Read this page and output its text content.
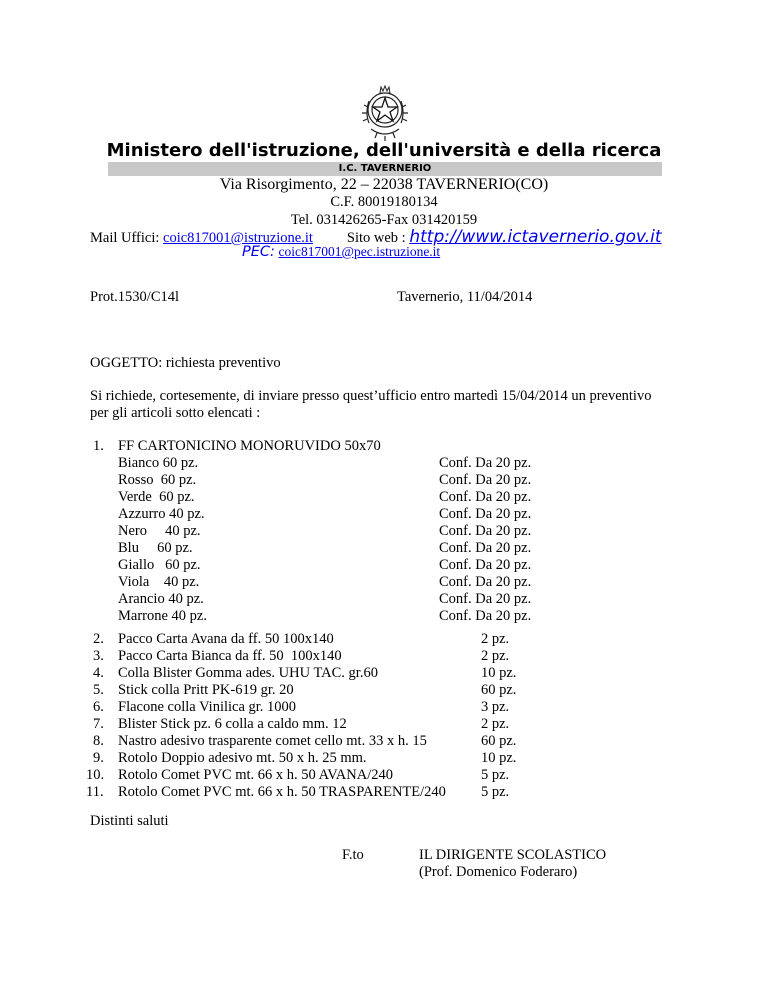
Ministero dell'istruzione, dell'università e della ricerca
I.C. TAVERNERIO
Via Risorgimento, 22 – 22038 TAVERNERIO(CO)
C.F. 80019180134
Tel. 031426265-Fax 031420159
Mail Uffici: coic817001@istruzione.it Sito web : http://www.ictavernerio.gov.it
PEC: coic817001@pec.istruzione.it
Prot.1530/C14l	Tavernerio, 11/04/2014
OGGETTO: richiesta preventivo
Si richiede, cortesemente, di inviare presso quest’ufficio entro martedì 15/04/2014 un preventivo
per gli articoli sotto elencati :
1. FF CARTONICINO MONORUVIDO 50x70
Bianco 60 pz.	Conf. Da 20 pz.
Rosso  60 pz.	Conf. Da 20 pz.
Verde  60 pz.	Conf. Da 20 pz.
Azzurro 40 pz.	Conf. Da 20 pz.
Nero     40 pz.	Conf. Da 20 pz.
Blu     60 pz.	Conf. Da 20 pz.
Giallo   60 pz.	Conf. Da 20 pz.
Viola    40 pz.	Conf. Da 20 pz.
Arancio 40 pz.	Conf. Da 20 pz.
Marrone 40 pz.	Conf. Da 20 pz.
2. Pacco Carta Avana da ff. 50 100x140	2 pz.
3. Pacco Carta Bianca da ff. 50  100x140	2 pz.
4. Colla Blister Gomma ades. UHU TAC. gr.60	10 pz.
5. Stick colla Pritt PK-619 gr. 20	60 pz.
6. Flacone colla Vinilica gr. 1000	3 pz.
7. Blister Stick pz. 6 colla a caldo mm. 12	2 pz.
8. Nastro adesivo trasparente comet cello mt. 33 x h. 15	60 pz.
9. Rotolo Doppio adesivo mt. 50 x h. 25 mm.	10 pz.
10. Rotolo Comet PVC mt. 66 x h. 50 AVANA/240	5 pz.
11. Rotolo Comet PVC mt. 66 x h. 50 TRASPARENTE/240 5 pz.
Distinti saluti
F.to	IL DIRIGENTE SCOLASTICO
(Prof. Domenico Foderaro)
